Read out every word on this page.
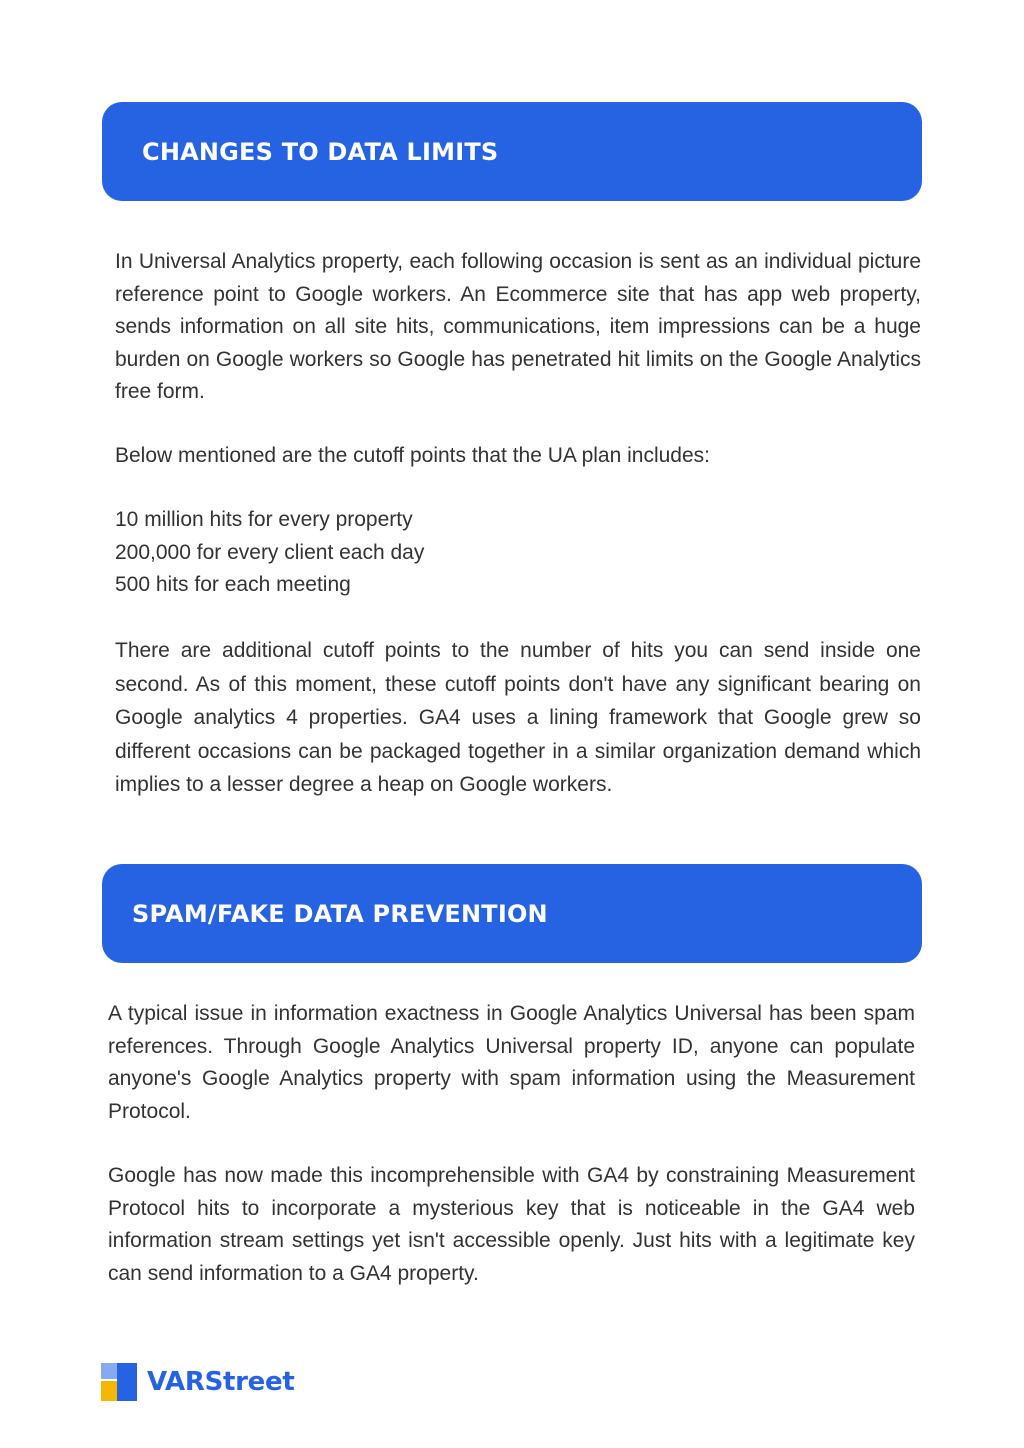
CHANGES TO DATA LIMITS

In Universal Analytics property, each following occasion is sent as an individual picture reference point to Google workers. An Ecommerce site that has app web property, sends information on all site hits, communications, item impressions can be a huge burden on Google workers so Google has penetrated hit limits on the Google Analytics free form.

Below mentioned are the cutoff points that the UA plan includes:

10 million hits for every property
200,000 for every client each day
500 hits for each meeting

There are additional cutoff points to the number of hits you can send inside one second. As of this moment, these cutoff points don't have any significant bearing on Google analytics 4 properties. GA4 uses a lining framework that Google grew so different occasions can be packaged together in a similar organization demand which implies to a lesser degree a heap on Google workers.

SPAM/FAKE DATA PREVENTION

A typical issue in information exactness in Google Analytics Universal has been spam references. Through Google Analytics Universal property ID, anyone can populate anyone's Google Analytics property with spam information using the Measurement Protocol.

Google has now made this incomprehensible with GA4 by constraining Measurement Protocol hits to incorporate a mysterious key that is noticeable in the GA4 web information stream settings yet isn't accessible openly. Just hits with a legitimate key can send information to a GA4 property.

VARStreet
